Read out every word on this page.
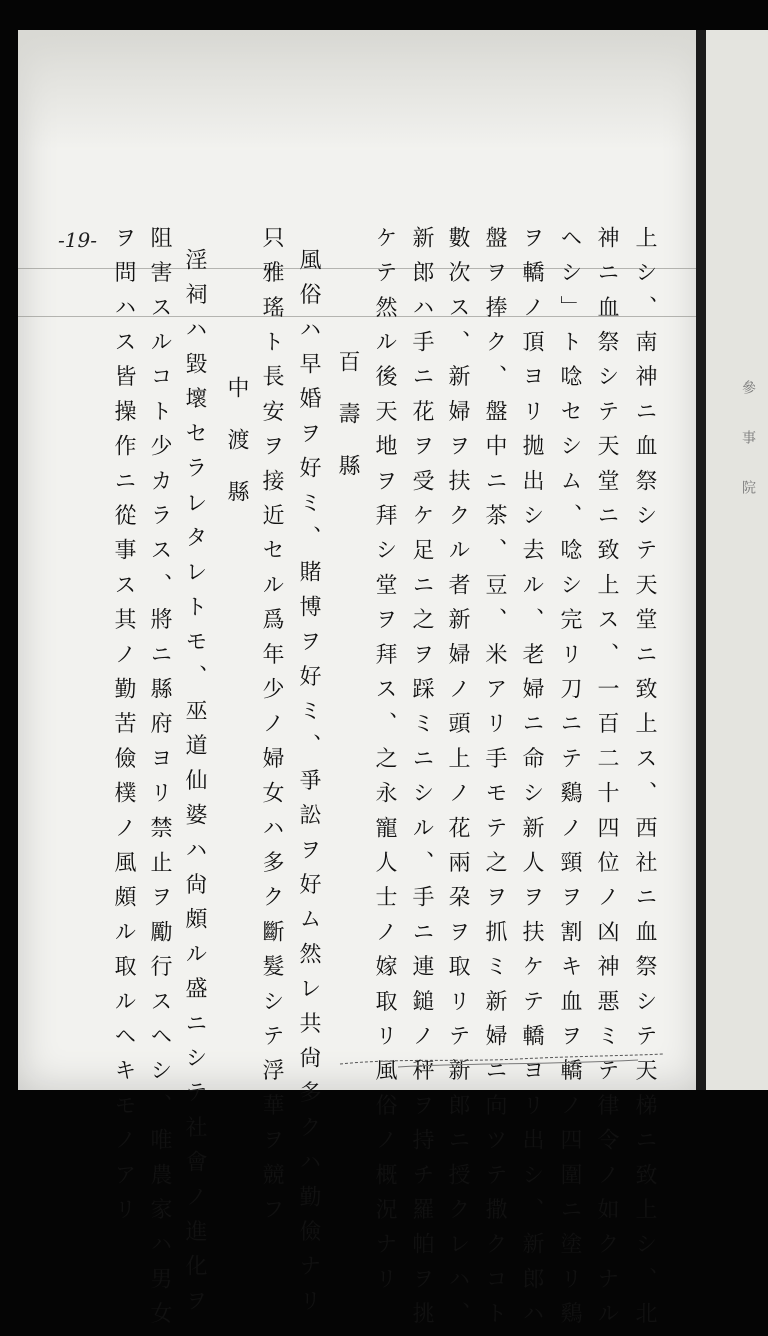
參
事
院
-19-	上シ、南神ニ血祭シテ天堂ニ致上ス、西社ニ血祭シテ天梯ニ致上シ、北
神ニ血祭シテ天堂ニ致上ス、一百二十四位ノ凶神悪ミテ律令ノ如クナル
ヘシ」ト唸セシム、唸シ完リ刀ニテ鷄ノ頸ヲ割キ血ヲ轎ノ四圍ニ塗リ鷄
ヲ轎ノ頂ヨリ拋出シ去ル、老婦ニ命シ新人ヲ扶ケテ轎ヨリ出シ、新郎ハ
盤ヲ捧ク、盤中ニ茶、豆、米アリ手モテ之ヲ抓ミ新婦ニ向ツテ撒クコト
數次ス、新婦ヲ扶クル者新婦ノ頭上ノ花兩朶ヲ取リテ新郎ニ授クレハ、
新郎ハ手ニ花ヲ受ケ足ニ之ヲ踩ミニシル、手ニ連鎚ノ秤ヲ持チ羅帕ヲ挑
ケテ然ル後天地ヲ拜シ堂ヲ拜ス、之永寵人士ノ嫁取リ風俗ノ概況ナリ
百壽縣
風俗ハ早婚ヲ好ミ、賭博ヲ好ミ、爭訟ヲ好ム然レ共尙多クハ勤儉ナリ
只雅瑤ト長安ヲ接近セル爲年少ノ婦女ハ多ク斷髮シテ浮華ヲ競フ
中渡縣
淫祠ハ毀壞セラレタレトモ、巫道仙婆ハ尙頗ル盛ニシテ社會ノ進化ヲ
阻害スルコト少カラス、將ニ縣府ヨリ禁止ヲ勵行スヘシ、唯農家ハ男女
ヲ問ハス皆操作ニ從事ス其ノ勤苦儉樸ノ風頗ル取ルヘキモノアリ
